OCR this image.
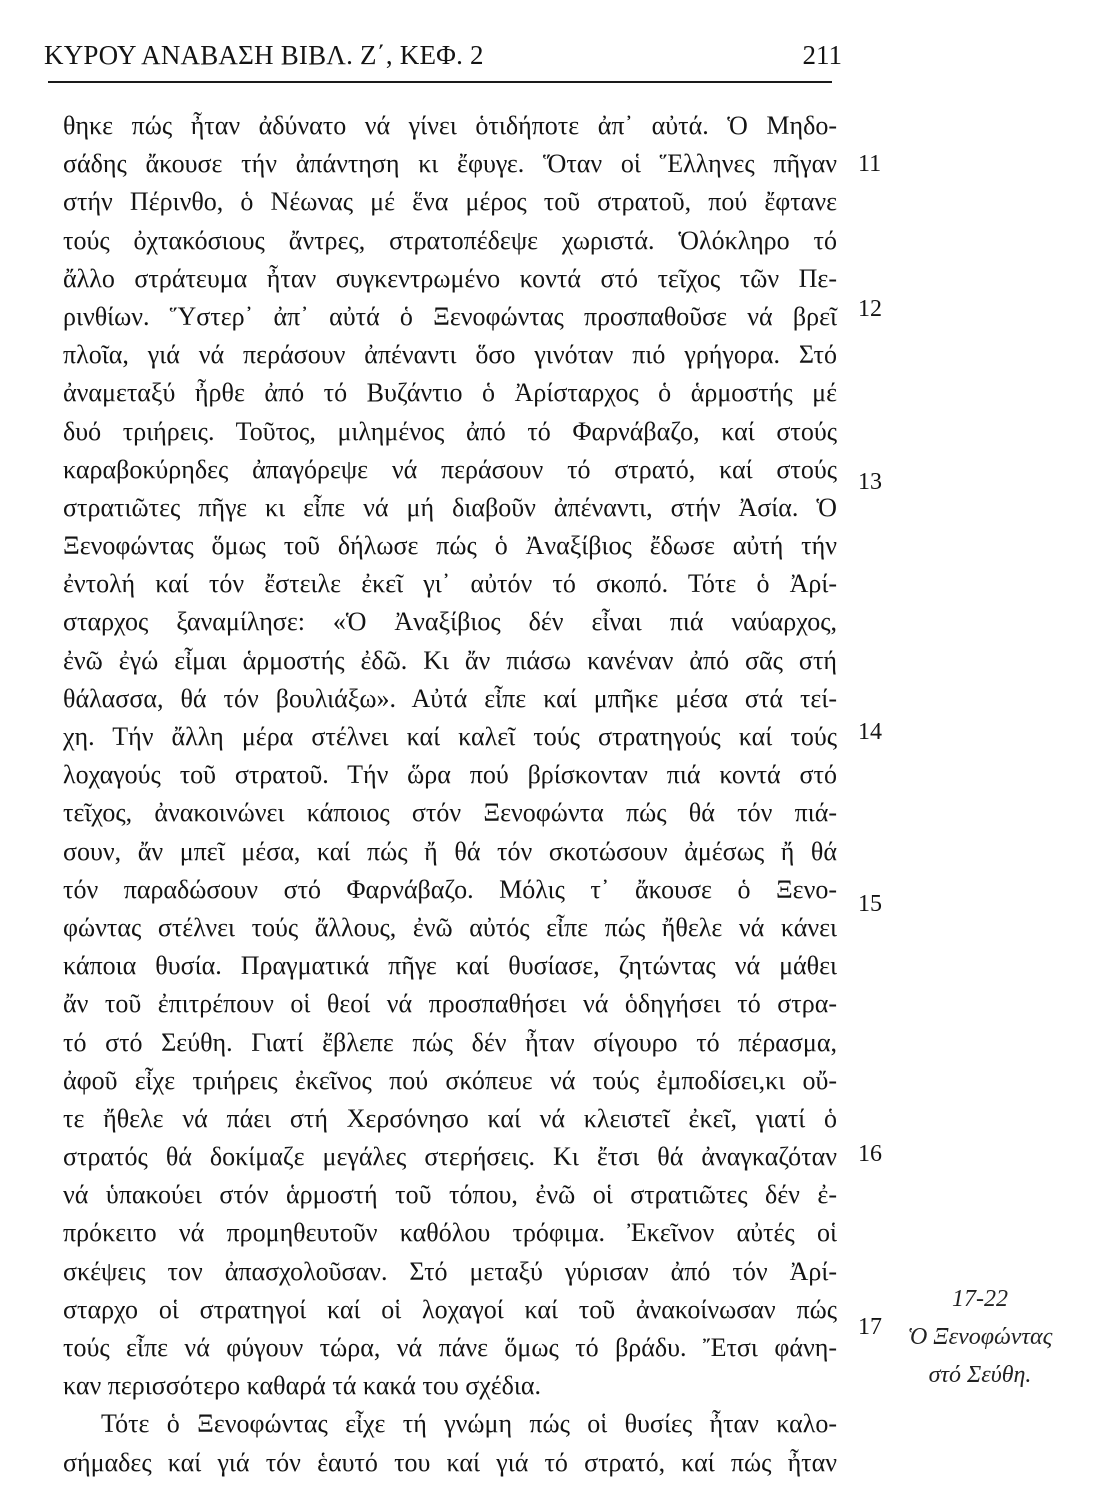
ΚΥΡΟΥ ΑΝΑΒΑΣΗ ΒΙΒΛ. Ζ΄, ΚΕΦ. 2	211
θηκε πώς ἦταν ἀδύνατο νά γίνει ὁτιδήποτε ἀπ᾿ αὐτά. Ὁ Μηδο-
σάδης ἄκουσε τήν ἀπάντηση κι ἔφυγε. Ὅταν οἱ Ἕλληνες πῆγαν
στήν Πέρινθο, ὁ Νέωνας μέ ἕνα μέρος τοῦ στρατοῦ, πού ἔφτανε
τούς ὀχτακόσιους ἄντρες, στρατοπέδεψε χωριστά. Ὁλόκληρο τό
ἄλλο στράτευμα ἦταν συγκεντρωμένο κοντά στό τεῖχος τῶν Πε-
ρινθίων. Ὕστερ᾿ ἀπ᾿ αὐτά ὁ Ξενοφώντας προσπαθοῦσε νά βρεῖ
πλοῖα, γιά νά περάσουν ἀπέναντι ὅσο γινόταν πιό γρήγορα. Στό
ἀναμεταξύ ἦρθε ἀπό τό Βυζάντιο ὁ Ἀρίσταρχος ὁ ἁρμοστής μέ
δυό τριήρεις. Τοῦτος, μιλημένος ἀπό τό Φαρνάβαζο, καί στούς
καραβοκύρηδες ἀπαγόρεψε νά περάσουν τό στρατό, καί στούς
στρατιῶτες πῆγε κι εἶπε νά μή διαβοῦν ἀπέναντι, στήν Ἀσία. Ὁ
Ξενοφώντας ὅμως τοῦ δήλωσε πώς ὁ Ἀναξίβιος ἔδωσε αὐτή τήν
ἐντολή καί τόν ἔστειλε ἐκεῖ γι᾿ αὐτόν τό σκοπό. Τότε ὁ Ἀρί-
σταρχος ξαναμίλησε: «Ὁ Ἀναξίβιος δέν εἶναι πιά ναύαρχος,
ἐνῶ ἐγώ εἶμαι ἁρμοστής ἐδῶ. Κι ἄν πιάσω κανέναν ἀπό σᾶς στή
θάλασσα, θά τόν βουλιάξω». Αὐτά εἶπε καί μπῆκε μέσα στά τεί-
χη. Τήν ἄλλη μέρα στέλνει καί καλεῖ τούς στρατηγούς καί τούς
λοχαγούς τοῦ στρατοῦ. Τήν ὥρα πού βρίσκονταν πιά κοντά στό
τεῖχος, ἀνακοινώνει κάποιος στόν Ξενοφώντα πώς θά τόν πιά-
σουν, ἄν μπεῖ μέσα, καί πώς ἤ θά τόν σκοτώσουν ἀμέσως ἤ θά
τόν παραδώσουν στό Φαρνάβαζο. Μόλις τ᾿ ἄκουσε ὁ Ξενο-
φώντας στέλνει τούς ἄλλους, ἐνῶ αὐτός εἶπε πώς ἤθελε νά κάνει
κάποια θυσία. Πραγματικά πῆγε καί θυσίασε, ζητώντας νά μάθει
ἄν τοῦ ἐπιτρέπουν οἱ θεοί νά προσπαθήσει νά ὁδηγήσει τό στρα-
τό στό Σεύθη. Γιατί ἔβλεπε πώς δέν ἦταν σίγουρο τό πέρασμα,
ἀφοῦ εἶχε τριήρεις ἐκεῖνος πού σκόπευε νά τούς ἐμποδίσει,κι οὔ-
τε ἤθελε νά πάει στή Χερσόνησο καί νά κλειστεῖ ἐκεῖ, γιατί ὁ
στρατός θά δοκίμαζε μεγάλες στερήσεις. Κι ἔτσι θά ἀναγκαζόταν
νά ὑπακούει στόν ἁρμοστή τοῦ τόπου, ἐνῶ οἱ στρατιῶτες δέν ἐ-
πρόκειτο νά προμηθευτοῦν καθόλου τρόφιμα. Ἐκεῖνον αὐτές οἱ
σκέψεις τον ἀπασχολοῦσαν. Στό μεταξύ γύρισαν ἀπό τόν Ἀρί-
σταρχο οἱ στρατηγοί καί οἱ λοχαγοί καί τοῦ ἀνακοίνωσαν πώς
τούς εἶπε νά φύγουν τώρα, νά πάνε ὅμως τό βράδυ. Ἔτσι φάνη-
καν περισσότερο καθαρά τά κακά του σχέδια.
Τότε ὁ Ξενοφώντας εἶχε τή γνώμη πώς οἱ θυσίες ἦταν καλο-
σήμαδες καί γιά τόν ἑαυτό του καί γιά τό στρατό, καί πώς ἦταν
11
12
13
14
15
16
17
17-22
Ὁ Ξενοφώντας
στό Σεύθη.
